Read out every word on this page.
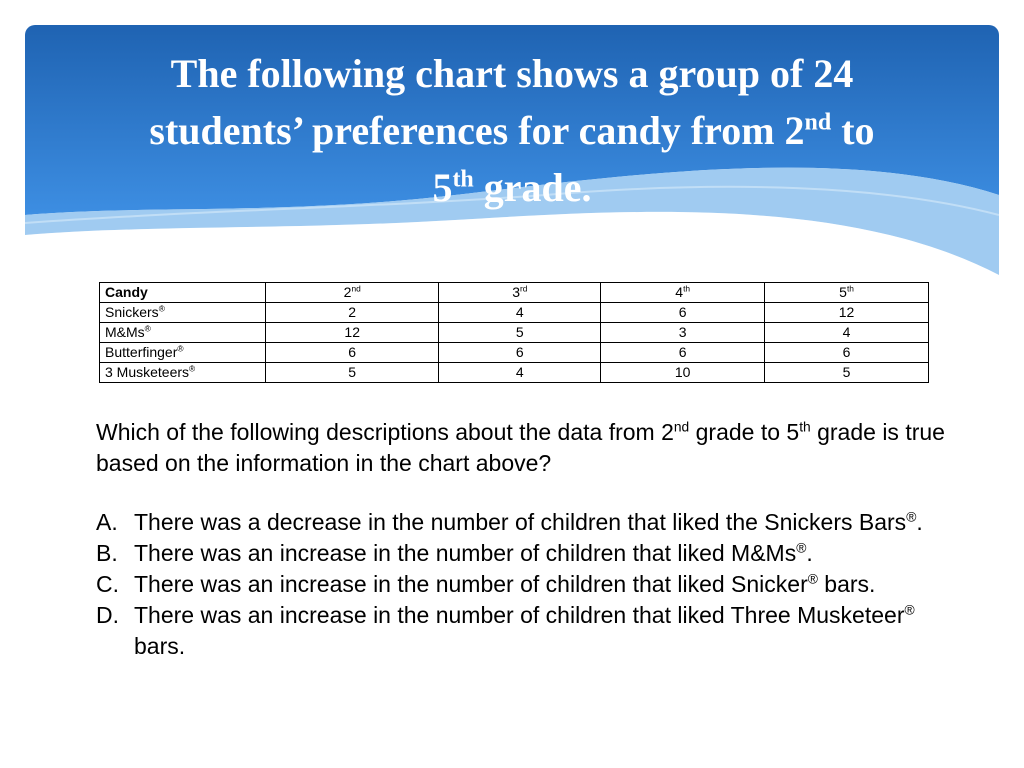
The following chart shows a group of 24
students’ preferences for candy from 2nd to
5th grade.
Candy	2nd	3rd	4th	5th
Snickers®	2	4	6	12
M&Ms®	12	5	3	4
Butterfinger®	6	6	6	6
3 Musketeers®	5	4	10	5

Which of the following descriptions about the data from 2nd grade to 5th grade is true based on the information in the chart above?

A. There was a decrease in the number of children that liked the Snickers Bars®.
B. There was an increase in the number of children that liked M&Ms®.
C. There was an increase in the number of children that liked Snicker® bars.
D. There was an increase in the number of children that liked Three Musketeer® bars.
